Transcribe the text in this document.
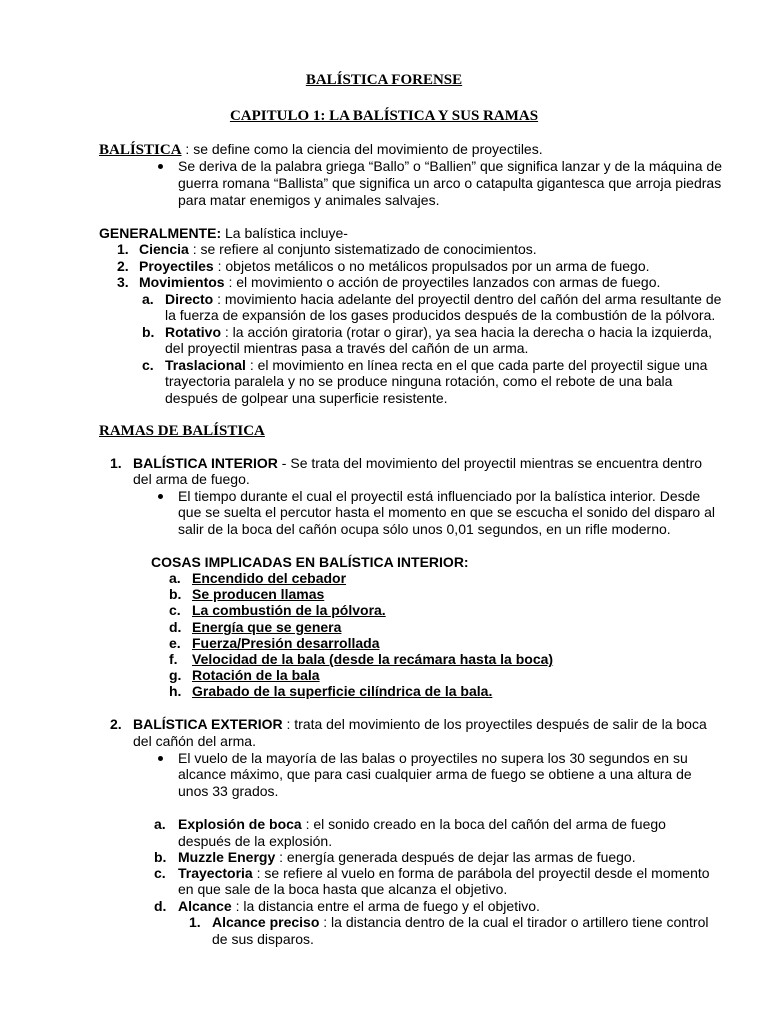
BALÍSTICA FORENSE
CAPITULO 1: LA BALÍSTICA Y SUS RAMAS
BALÍSTICA : se define como la ciencia del movimiento de proyectiles.
Se deriva de la palabra griega “Ballo” o “Ballien” que significa lanzar y de la máquina de
guerra romana “Ballista” que significa un arco o catapulta gigantesca que arroja piedras
para matar enemigos y animales salvajes.
GENERALMENTE: La balística incluye-
1. Ciencia : se refiere al conjunto sistematizado de conocimientos.
2. Proyectiles : objetos metálicos o no metálicos propulsados por un arma de fuego.
3. Movimientos : el movimiento o acción de proyectiles lanzados con armas de fuego.
a. Directo : movimiento hacia adelante del proyectil dentro del cañón del arma resultante de
la fuerza de expansión de los gases producidos después de la combustión de la pólvora.
b. Rotativo : la acción giratoria (rotar o girar), ya sea hacia la derecha o hacia la izquierda,
del proyectil mientras pasa a través del cañón de un arma.
c. Traslacional : el movimiento en línea recta en el que cada parte del proyectil sigue una
trayectoria paralela y no se produce ninguna rotación, como el rebote de una bala
después de golpear una superficie resistente.
RAMAS DE BALÍSTICA
1. BALÍSTICA INTERIOR - Se trata del movimiento del proyectil mientras se encuentra dentro
del arma de fuego.
El tiempo durante el cual el proyectil está influenciado por la balística interior. Desde
que se suelta el percutor hasta el momento en que se escucha el sonido del disparo al
salir de la boca del cañón ocupa sólo unos 0,01 segundos, en un rifle moderno.
COSAS IMPLICADAS EN BALÍSTICA INTERIOR:
a. Encendido del cebador
b. Se producen llamas
c. La combustión de la pólvora.
d. Energía que se genera
e. Fuerza/Presión desarrollada
f. Velocidad de la bala (desde la recámara hasta la boca)
g. Rotación de la bala
h. Grabado de la superficie cilíndrica de la bala.
2. BALÍSTICA EXTERIOR : trata del movimiento de los proyectiles después de salir de la boca
del cañón del arma.
El vuelo de la mayoría de las balas o proyectiles no supera los 30 segundos en su
alcance máximo, que para casi cualquier arma de fuego se obtiene a una altura de
unos 33 grados.
a. Explosión de boca : el sonido creado en la boca del cañón del arma de fuego
después de la explosión.
b. Muzzle Energy : energía generada después de dejar las armas de fuego.
c. Trayectoria : se refiere al vuelo en forma de parábola del proyectil desde el momento
en que sale de la boca hasta que alcanza el objetivo.
d. Alcance : la distancia entre el arma de fuego y el objetivo.
1. Alcance preciso : la distancia dentro de la cual el tirador o artillero tiene control
de sus disparos.
